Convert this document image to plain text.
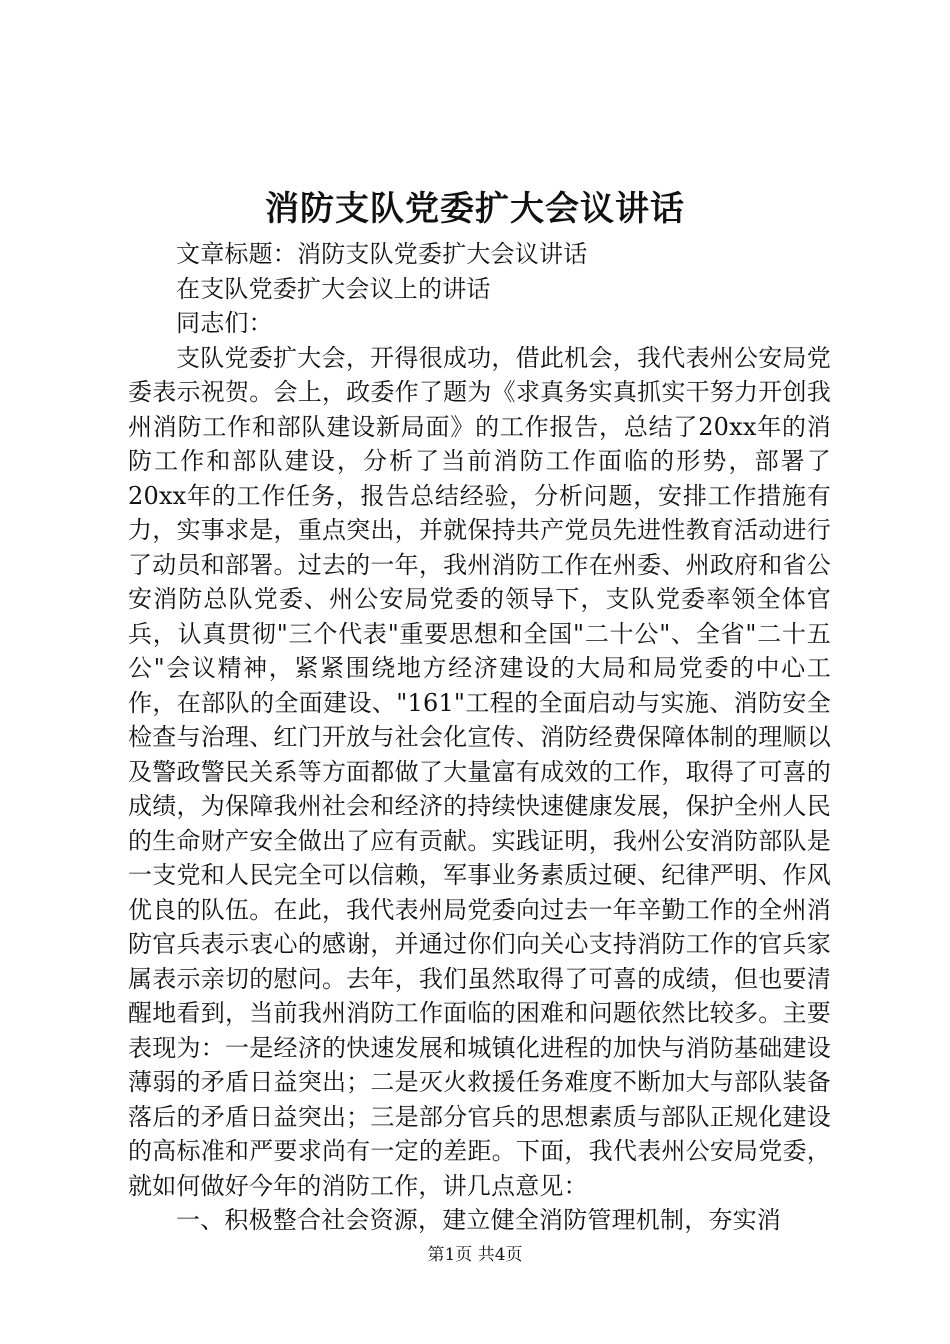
消防支队党委扩大会议讲话

文章标题：消防支队党委扩大会议讲话

在支队党委扩大会议上的讲话

同志们：

支队党委扩大会，开得很成功，借此机会，我代表州公安局党委表示祝贺。会上，政委作了题为《求真务实真抓实干努力开创我州消防工作和部队建设新局面》的工作报告，总结了20xx年的消防工作和部队建设，分析了当前消防工作面临的形势，部署了20xx年的工作任务，报告总结经验，分析问题，安排工作措施有力，实事求是，重点突出，并就保持共产党员先进性教育活动进行了动员和部署。过去的一年，我州消防工作在州委、州政府和省公安消防总队党委、州公安局党委的领导下，支队党委率领全体官兵，认真贯彻"三个代表"重要思想和全国"二十公"、全省"二十五公"会议精神，紧紧围绕地方经济建设的大局和局党委的中心工作，在部队的全面建设、"161"工程的全面启动与实施、消防安全检查与治理、红门开放与社会化宣传、消防经费保障体制的理顺以及警政警民关系等方面都做了大量富有成效的工作，取得了可喜的成绩，为保障我州社会和经济的持续快速健康发展，保护全州人民的生命财产安全做出了应有贡献。实践证明，我州公安消防部队是一支党和人民完全可以信赖，军事业务素质过硬、纪律严明、作风优良的队伍。在此，我代表州局党委向过去一年辛勤工作的全州消防官兵表示衷心的感谢，并通过你们向关心支持消防工作的官兵家属表示亲切的慰问。去年，我们虽然取得了可喜的成绩，但也要清醒地看到，当前我州消防工作面临的困难和问题依然比较多。主要表现为：一是经济的快速发展和城镇化进程的加快与消防基础建设薄弱的矛盾日益突出；二是灭火救援任务难度不断加大与部队装备落后的矛盾日益突出；三是部分官兵的思想素质与部队正规化建设的高标准和严要求尚有一定的差距。下面，我代表州公安局党委，就如何做好今年的消防工作，讲几点意见：

一、积极整合社会资源，建立健全消防管理机制，夯实消

第1页 共4页
